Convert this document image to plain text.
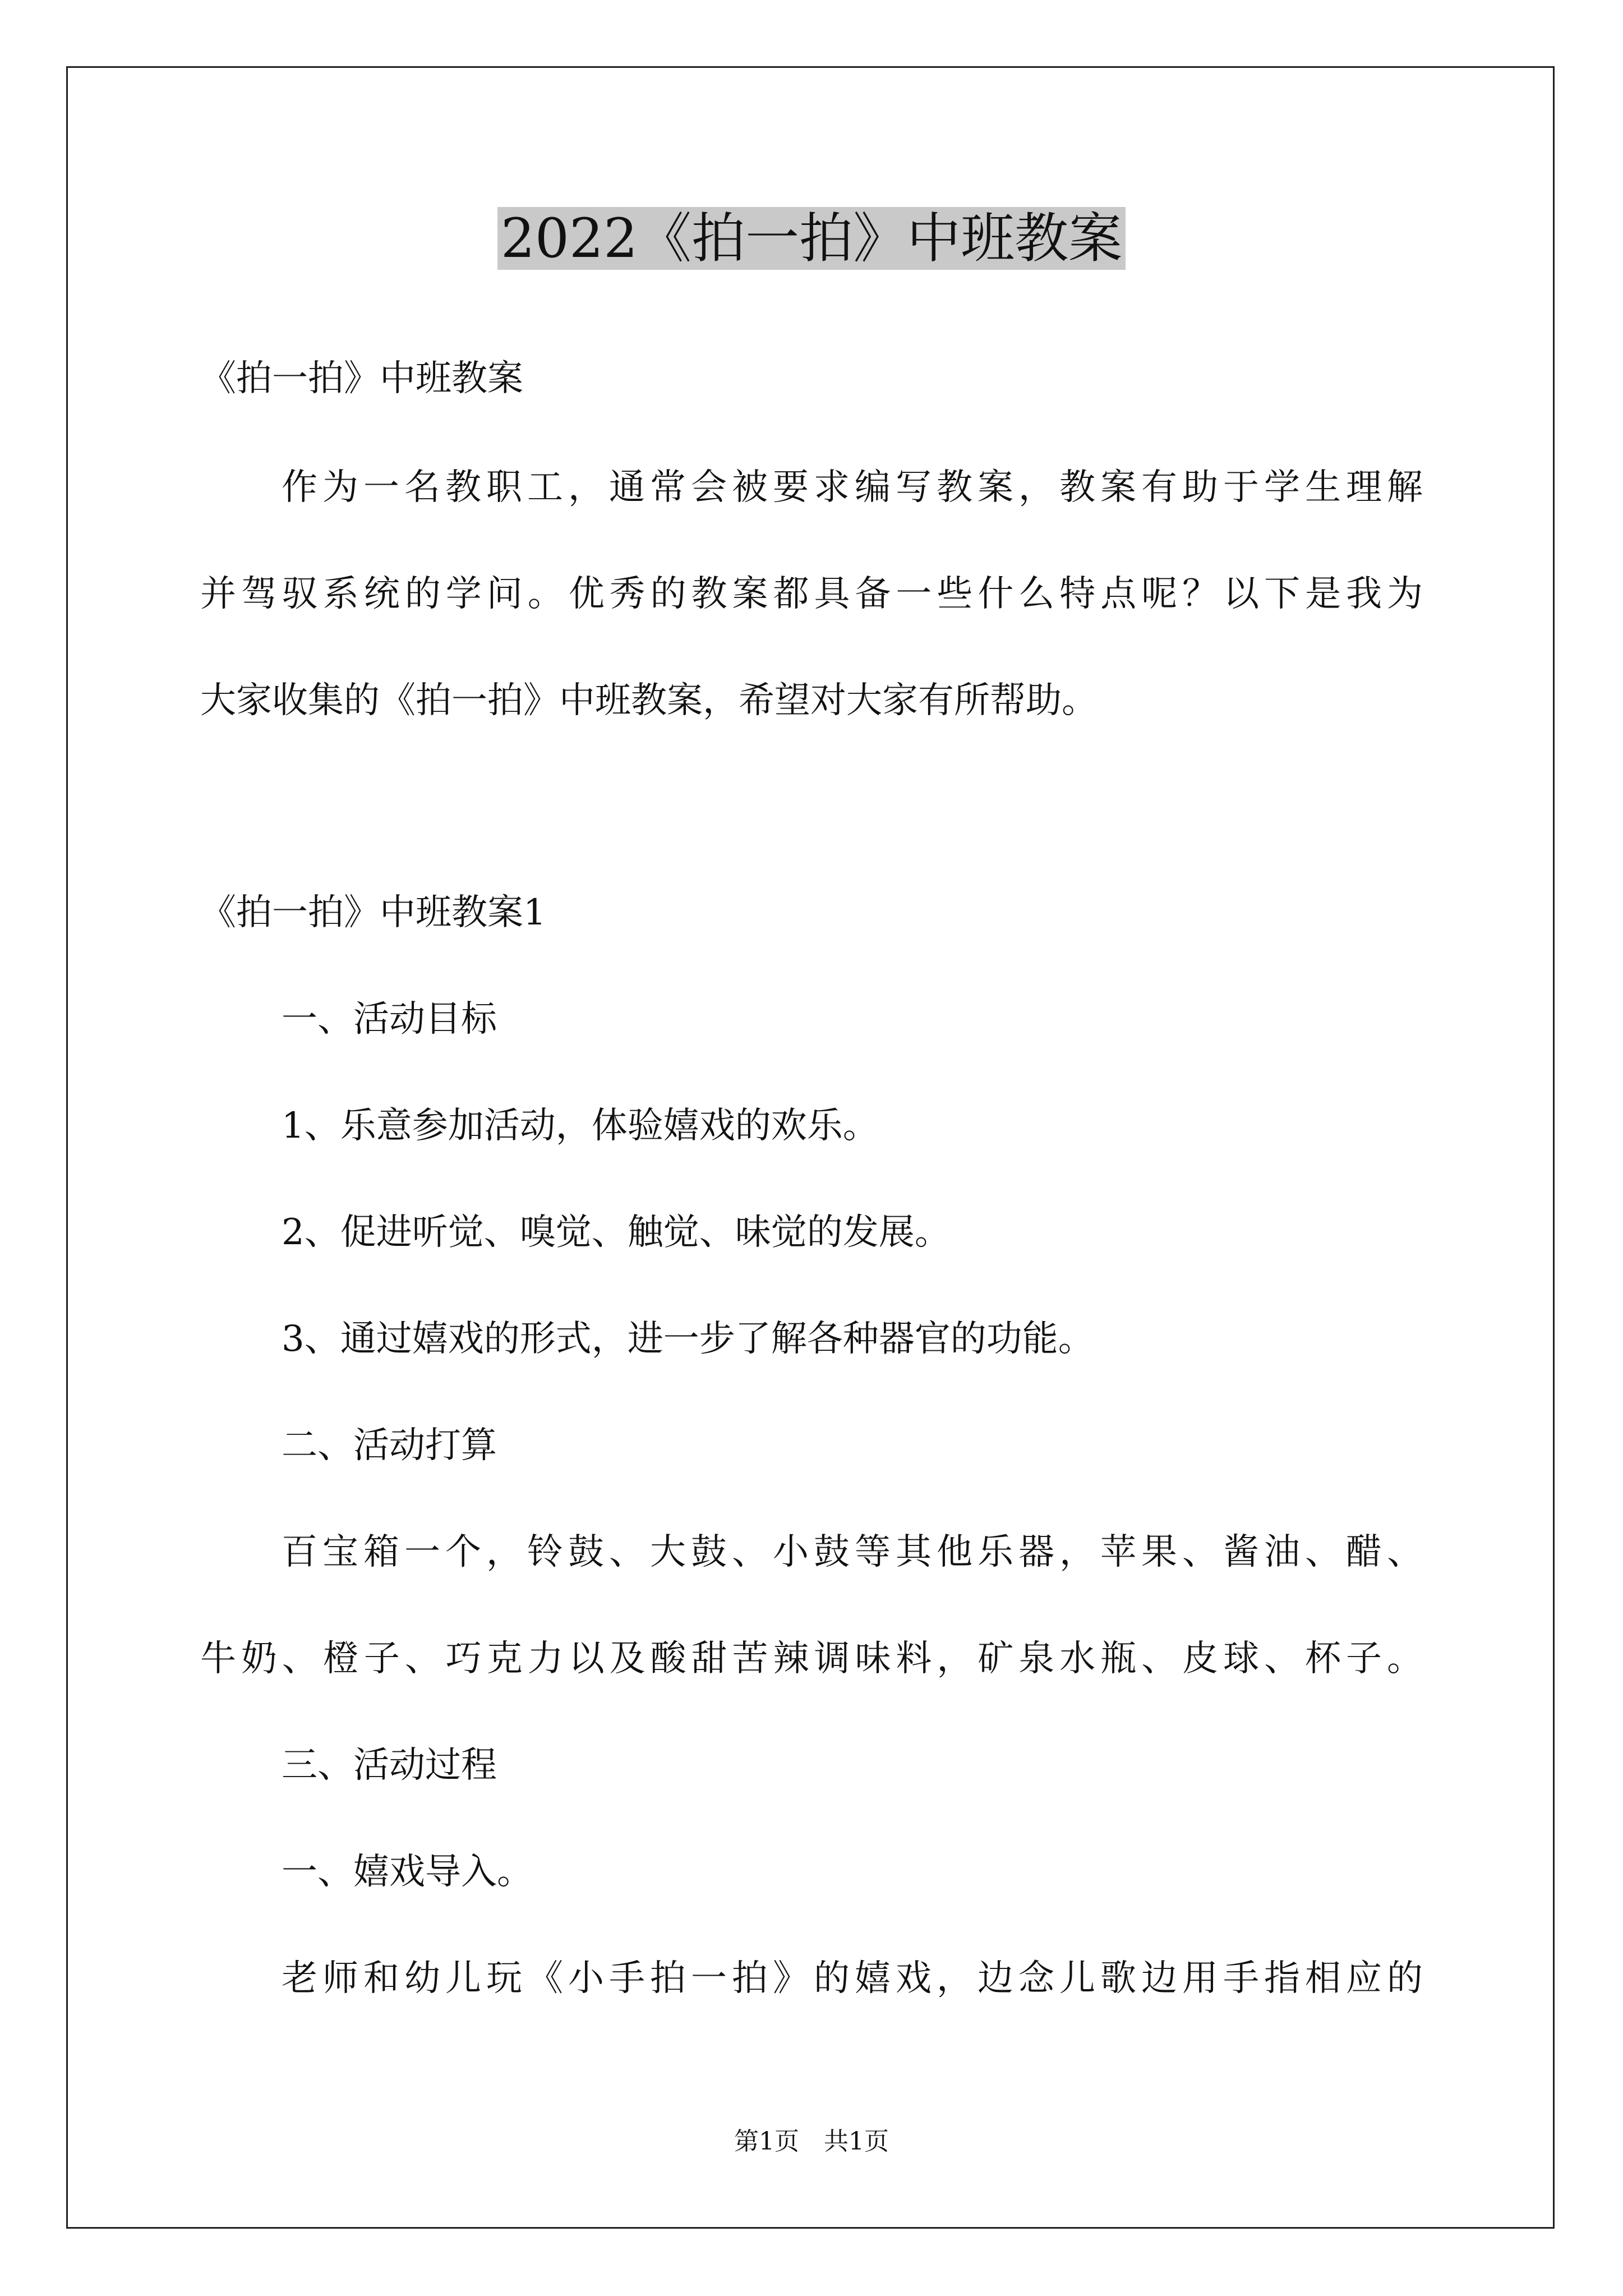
2022《拍一拍》中班教案
《拍一拍》中班教案
作为一名教职工，通常会被要求编写教案，教案有助于学生理解
并驾驭系统的学问。优秀的教案都具备一些什么特点呢？以下是我为
大家收集的《拍一拍》中班教案，希望对大家有所帮助。
《拍一拍》中班教案1
一、活动目标
1、乐意参加活动，体验嬉戏的欢乐。
2、促进听觉、嗅觉、触觉、味觉的发展。
3、通过嬉戏的形式，进一步了解各种器官的功能。
二、活动打算
百宝箱一个，铃鼓、大鼓、小鼓等其他乐器，苹果、酱油、醋、
牛奶、橙子、巧克力以及酸甜苦辣调味料，矿泉水瓶、皮球、杯子。
三、活动过程
一、嬉戏导入。
老师和幼儿玩《小手拍一拍》的嬉戏，边念儿歌边用手指相应的
第1页　共1页
